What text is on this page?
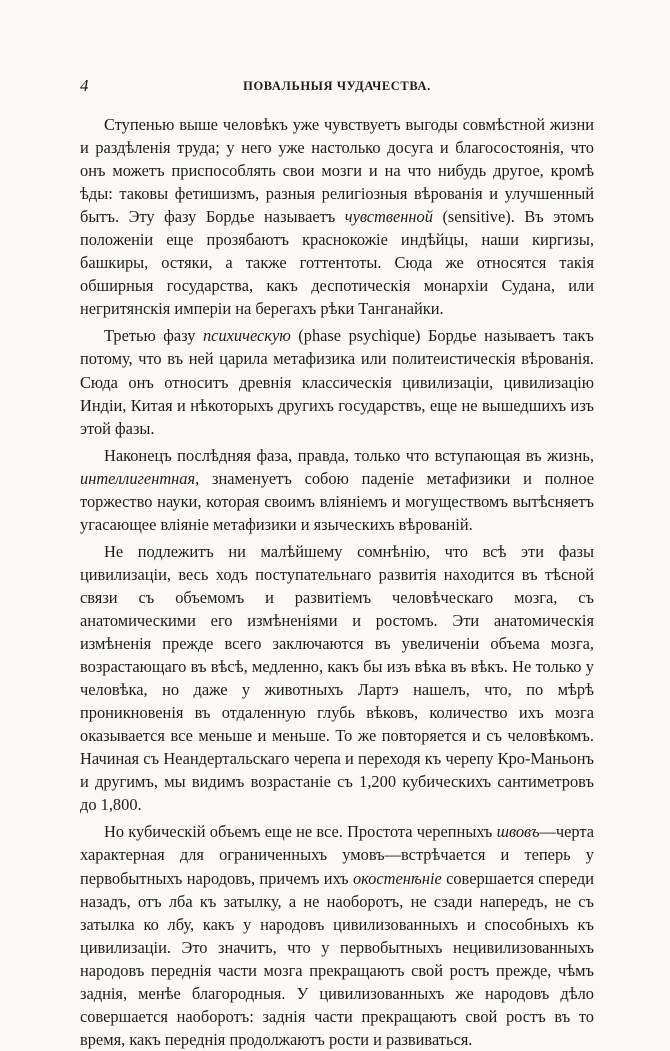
4	ПОВАЛЬНЫЯ ЧУДАЧЕСТВА.

Ступенью выше человѣкъ уже чувствуетъ выгоды совмѣстной жизни и раздѣленія труда; у него уже настолько досуга и благосостоянія, что онъ можетъ приспособлять свои мозги и на что нибудь другое, кромѣ ѣды: таковы фетишизмъ, разныя религіозныя вѣрованія и улучшенный бытъ. Эту фазу Бордье называетъ чувственной (sensitive). Въ этомъ положеніи еще прозябаютъ краснокожіе индѣйцы, наши киргизы, башкиры, остяки, а также готтентоты. Сюда же относятся такія обширныя государства, какъ деспотическія монархіи Судана, или негритянскія имперіи на берегахъ рѣки Танганайки.

Третью фазу психическую (phase psychique) Бордье называетъ такъ потому, что въ ней царила метафизика или политеистическія вѣрованія. Сюда онъ относитъ древнія классическія цивилизаціи, цивилизацію Индіи, Китая и нѣкоторыхъ другихъ государствъ, еще не вышедшихъ изъ этой фазы.

Наконецъ послѣдняя фаза, правда, только что вступающая въ жизнь, интеллигентная, знаменуетъ собою паденіе метафизики и полное торжество науки, которая своимъ вліяніемъ и могуществомъ вытѣсняетъ угасающее вліяніе метафизики и языческихъ вѣрованій.

Не подлежитъ ни малѣйшему сомнѣнію, что всѣ эти фазы цивилизаціи, весь ходъ поступательнаго развитія находится въ тѣсной связи съ объемомъ и развитіемъ человѣческаго мозга, съ анатомическими его измѣненіями и ростомъ. Эти анатомическія измѣненія прежде всего заключаются въ увеличеніи объема мозга, возрастающаго въ вѣсѣ, медленно, какъ бы изъ вѣка въ вѣкъ. Не только у человѣка, но даже у животныхъ Лартэ нашелъ, что, по мѣрѣ проникновенія въ отдаленную глубь вѣковъ, количество ихъ мозга оказывается все меньше и меньше. То же повторяется и съ человѣкомъ. Начиная съ Неандертальскаго черепа и переходя къ черепу Кро-Маньонъ и другимъ, мы видимъ возрастаніе съ 1,200 кубическихъ сантиметровъ до 1,800.

Но кубическій объемъ еще не все. Простота черепныхъ швовъ—черта характерная для ограниченныхъ умовъ—встрѣчается и теперь у первобытныхъ народовъ, причемъ ихъ окостенѣніе совершается спереди назадъ, отъ лба къ затылку, а не наоборотъ, не сзади напередъ, не съ затылка ко лбу, какъ у народовъ цивилизованныхъ и способныхъ къ цивилизаціи. Это значитъ, что у первобытныхъ нецивилизованныхъ народовъ переднія части мозга прекращаютъ свой ростъ прежде, чѣмъ заднія, менѣе благородныя. У цивилизованныхъ же народовъ дѣло совершается наоборотъ: заднія части прекращаютъ свой ростъ въ то время, какъ переднія продолжаютъ рости и развиваться.
